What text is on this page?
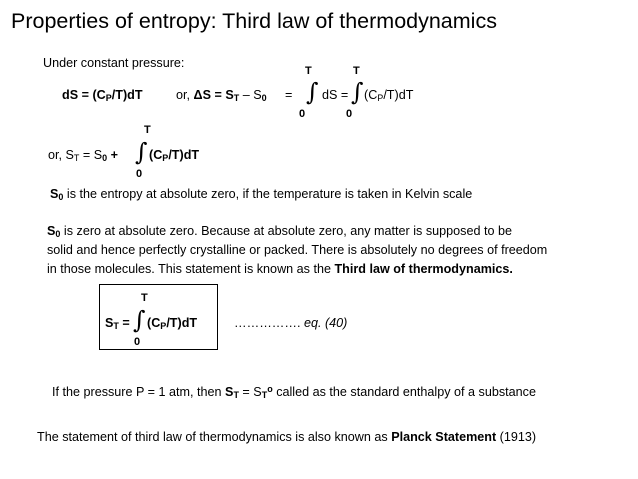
Properties of entropy: Third law of thermodynamics
Under constant pressure:
dS = $(C_P/T)dT$	or, $\Delta S = S_T - S_0$ =
T
∫
0
dS =
T
∫
0
$(C_P/T)dT$
or, $S_T = S_0$ +
T
∫
0
$(C_P/T)dT$
$S_0$ is the entropy at absolute zero, if the temperature is taken in Kelvin scale
$S_0$ is zero at absolute zero. Because at absolute zero, any matter is supposed to be
solid and hence perfectly crystalline or packed. There is absolutely no degrees of freedom
in those molecules. This statement is known as the Third law of thermodynamics.
$S_T$ =
T
∫
0
$(C_P/T)dT$	……………. eq. (40)
If the pressure P = 1 atm, then $S_T = S_T^o$ called as the standard enthalpy of a substance
The statement of third law of thermodynamics is also known as Planck Statement (1913)
